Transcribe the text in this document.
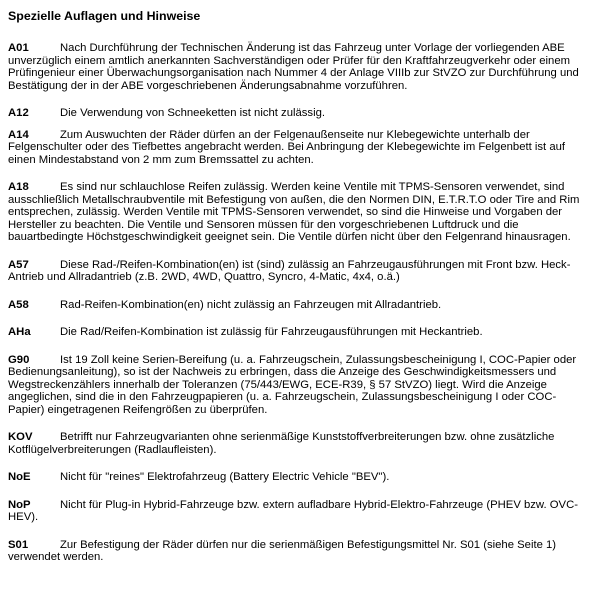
Spezielle Auflagen und Hinweise

A01	Nach Durchführung der Technischen Änderung ist das Fahrzeug unter Vorlage der vorliegenden ABE unverzüglich einem amtlich anerkannten Sachverständigen oder Prüfer für den Kraftfahrzeugverkehr oder einem Prüfingenieur einer Überwachungsorganisation nach Nummer 4 der Anlage VIIIb zur StVZO zur Durchführung und Bestätigung der in der ABE vorgeschriebenen Änderungsabnahme vorzuführen.

A12	Die Verwendung von Schneeketten ist nicht zulässig.

A14	Zum Auswuchten der Räder dürfen an der Felgenaußenseite nur Klebegewichte unterhalb der Felgenschulter oder des Tiefbettes angebracht werden. Bei Anbringung der Klebegewichte im Felgenbett ist auf einen Mindestabstand von 2 mm zum Bremssattel zu achten.

A18	Es sind nur schlauchlose Reifen zulässig. Werden keine Ventile mit TPMS-Sensoren verwendet, sind ausschließlich Metallschraubventile mit Befestigung von außen, die den Normen DIN, E.T.R.T.O oder Tire and Rim entsprechen, zulässig. Werden Ventile mit TPMS-Sensoren verwendet, so sind die Hinweise und Vorgaben der Hersteller zu beachten. Die Ventile und Sensoren müssen für den vorgeschriebenen Luftdruck und die bauartbedingte Höchstgeschwindigkeit geeignet sein. Die Ventile dürfen nicht über den Felgenrand hinausragen.

A57	Diese Rad-/Reifen-Kombination(en) ist (sind) zulässig an Fahrzeugausführungen mit Front bzw. Heck-Antrieb und Allradantrieb (z.B. 2WD, 4WD, Quattro, Syncro, 4-Matic, 4x4, o.ä.)

A58	Rad-Reifen-Kombination(en) nicht zulässig an Fahrzeugen mit Allradantrieb.

AHa	Die Rad/Reifen-Kombination ist zulässig für Fahrzeugausführungen mit Heckantrieb.

G90	Ist 19 Zoll keine Serien-Bereifung (u. a. Fahrzeugschein, Zulassungsbescheinigung I, COC-Papier oder Bedienungsanleitung), so ist der Nachweis zu erbringen, dass die Anzeige des Geschwindigkeitsmessers und Wegstreckenzählers innerhalb der Toleranzen (75/443/EWG, ECE-R39, § 57 StVZO) liegt. Wird die Anzeige angeglichen, sind die in den Fahrzeugpapieren (u. a. Fahrzeugschein, Zulassungsbescheinigung I oder COC-Papier) eingetragenen Reifengrößen zu überprüfen.

KOV Betrifft nur Fahrzeugvarianten ohne serienmäßige Kunststoffverbreiterungen bzw. ohne zusätzliche Kotflügelverbreiterungen (Radlaufleisten).

NoE	Nicht für "reines" Elektrofahrzeug (Battery Electric Vehicle "BEV").

NoP	Nicht für Plug-in Hybrid-Fahrzeuge bzw. extern aufladbare Hybrid-Elektro-Fahrzeuge (PHEV bzw. OVC-HEV).

S01	Zur Befestigung der Räder dürfen nur die serienmäßigen Befestigungsmittel Nr. S01 (siehe Seite 1) verwendet werden.
